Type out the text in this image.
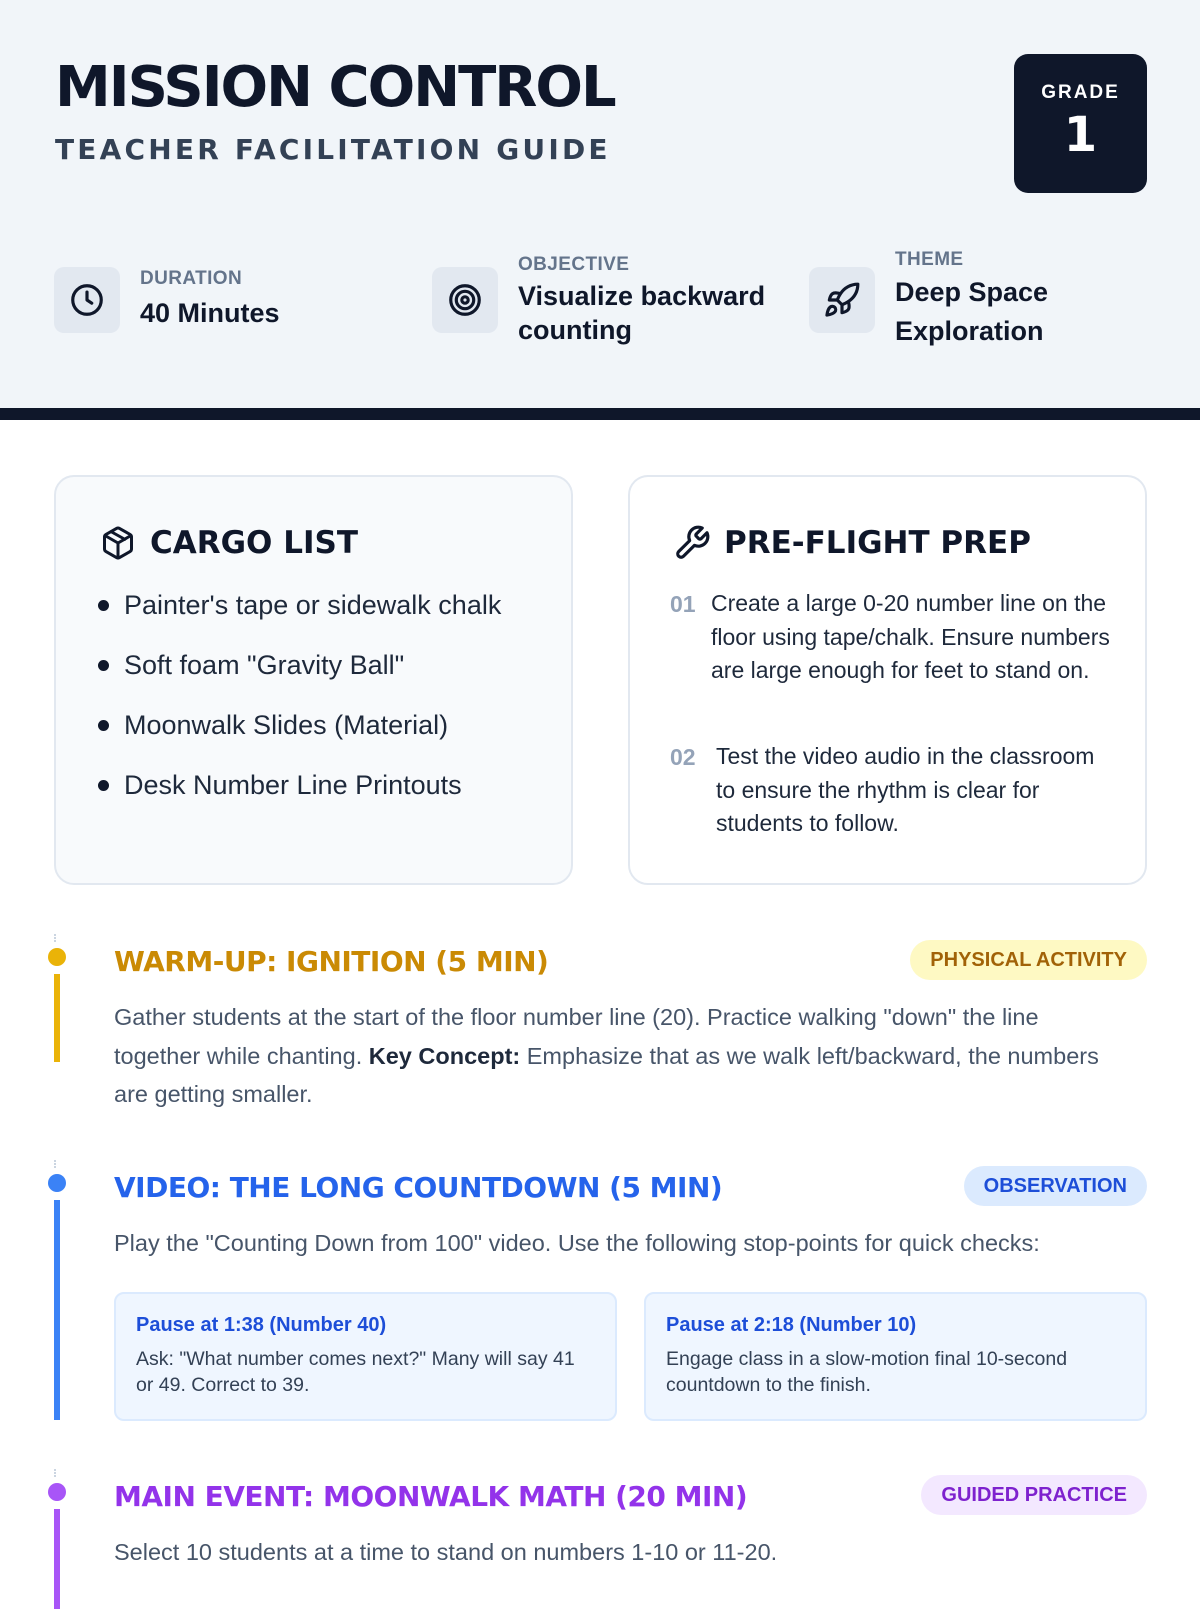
MISSION CONTROL
TEACHER FACILITATION GUIDE
GRADE
1
DURATION
40 Minutes
OBJECTIVE
Visualize backward counting
THEME
Deep Space Exploration
CARGO LIST
Painter's tape or sidewalk chalk
Soft foam "Gravity Ball"
Moonwalk Slides (Material)
Desk Number Line Printouts
PRE-FLIGHT PREP
01 Create a large 0-20 number line on the floor using tape/chalk. Ensure numbers are large enough for feet to stand on.
02 Test the video audio in the classroom to ensure the rhythm is clear for students to follow.
WARM-UP: IGNITION (5 MIN)	PHYSICAL ACTIVITY
Gather students at the start of the floor number line (20). Practice walking "down" the line together while chanting. Key Concept: Emphasize that as we walk left/backward, the numbers are getting smaller.
VIDEO: THE LONG COUNTDOWN (5 MIN)	OBSERVATION
Play the "Counting Down from 100" video. Use the following stop-points for quick checks:
Pause at 1:38 (Number 40)
Ask: "What number comes next?" Many will say 41 or 49. Correct to 39.
Pause at 2:18 (Number 10)
Engage class in a slow-motion final 10-second countdown to the finish.
MAIN EVENT: MOONWALK MATH (20 MIN)	GUIDED PRACTICE
Select 10 students at a time to stand on numbers 1-10 or 11-20.
